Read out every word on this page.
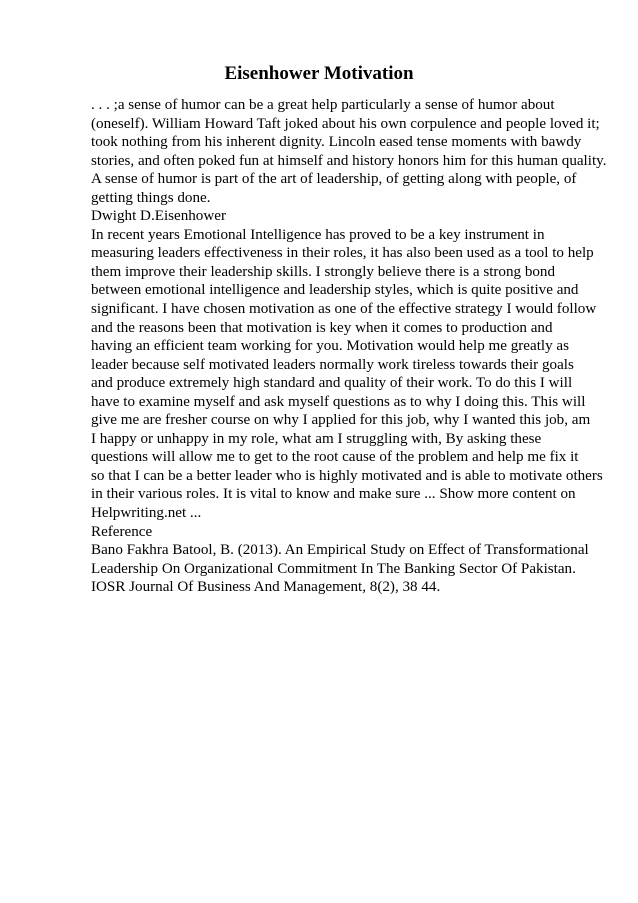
Eisenhower Motivation
. . . ;a sense of humor can be a great help particularly a sense of humor about
(oneself). William Howard Taft joked about his own corpulence and people loved it;
took nothing from his inherent dignity. Lincoln eased tense moments with bawdy
stories, and often poked fun at himself and history honors him for this human quality.
A sense of humor is part of the art of leadership, of getting along with people, of
getting things done.
Dwight D.Eisenhower
In recent years Emotional Intelligence has proved to be a key instrument in
measuring leaders effectiveness in their roles, it has also been used as a tool to help
them improve their leadership skills. I strongly believe there is a strong bond
between emotional intelligence and leadership styles, which is quite positive and
significant. I have chosen motivation as one of the effective strategy I would follow
and the reasons been that motivation is key when it comes to production and
having an efficient team working for you. Motivation would help me greatly as
leader because self motivated leaders normally work tireless towards their goals
and produce extremely high standard and quality of their work. To do this I will
have to examine myself and ask myself questions as to why I doing this. This will
give me are fresher course on why I applied for this job, why I wanted this job, am
I happy or unhappy in my role, what am I struggling with, By asking these
questions will allow me to get to the root cause of the problem and help me fix it
so that I can be a better leader who is highly motivated and is able to motivate others
in their various roles. It is vital to know and make sure ... Show more content on
Helpwriting.net ...
Reference
Bano Fakhra Batool, B. (2013). An Empirical Study on Effect of Transformational
Leadership On Organizational Commitment In The Banking Sector Of Pakistan.
IOSR Journal Of Business And Management, 8(2), 38 44.
